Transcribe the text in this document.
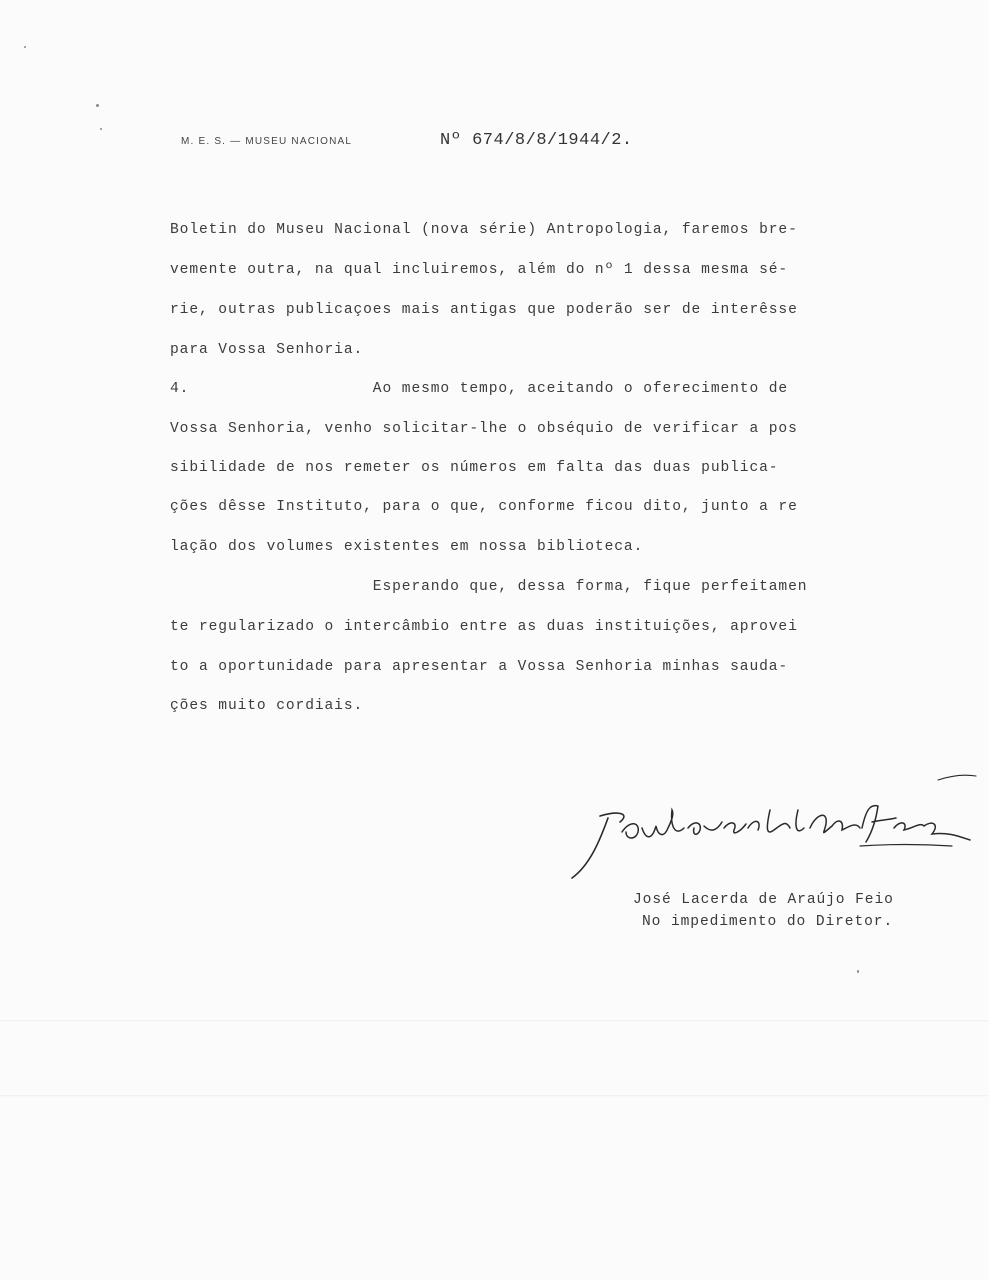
M. E. S. — MUSEU NACIONAL	Nº 674/8/8/1944/2.
Boletin do Museu Nacional (nova série) Antropologia, faremos bre-
vemente outra, na qual incluiremos, além do nº 1 dessa mesma sé-
rie, outras publicaçoes mais antigas que poderão ser de interêsse
para Vossa Senhoria.
4.                   Ao mesmo tempo, aceitando o oferecimento de
Vossa Senhoria, venho solicitar-lhe o obséquio de verificar a pos
sibilidade de nos remeter os números em falta das duas publica-
ções dêsse Instituto, para o que, conforme ficou dito, junto a re
lação dos volumes existentes em nossa biblioteca.
Esperando que, dessa forma, fique perfeitamen
te regularizado o intercâmbio entre as duas instituições, aprovei
to a oportunidade para apresentar a Vossa Senhoria minhas sauda-
ções muito cordiais.
José Lacerda de Araújo Feio
No impedimento do Diretor.
